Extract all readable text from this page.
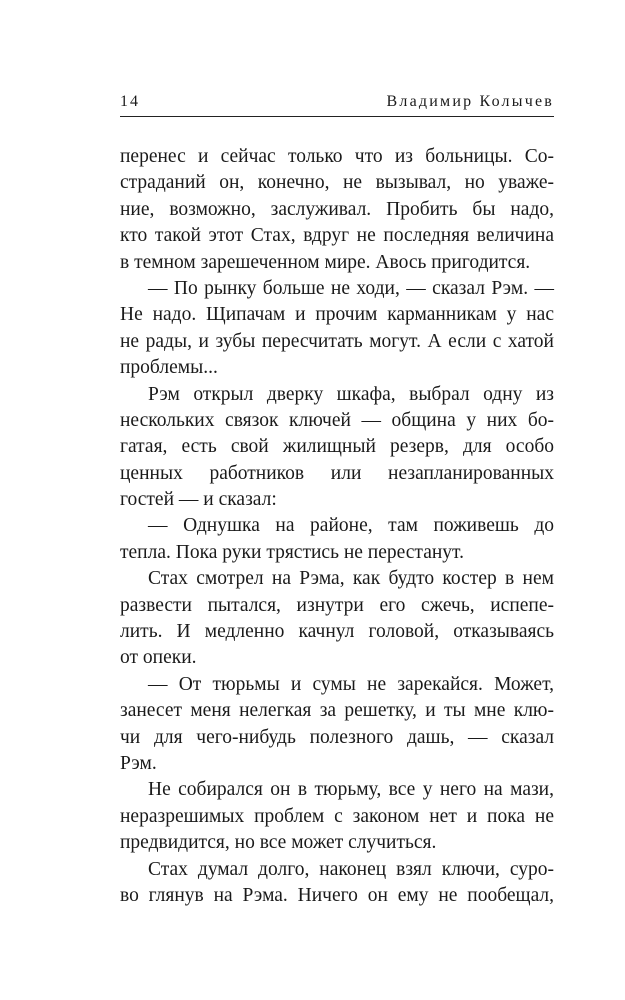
14	Владимир Колычев
перенес и сейчас только что из больницы. Со-
страданий он, конечно, не вызывал, но уваже-
ние, возможно, заслуживал. Пробить бы надо,
кто такой этот Стах, вдруг не последняя величина
в темном зарешеченном мире. Авось пригодится.
— По рынку больше не ходи, — сказал Рэм. —
Не надо. Щипачам и прочим карманникам у нас
не рады, и зубы пересчитать могут. А если с хатой
проблемы...
Рэм открыл дверку шкафа, выбрал одну из
нескольких связок ключей — община у них бо-
гатая, есть свой жилищный резерв, для особо
ценных работников или незапланированных
гостей — и сказал:
— Однушка на районе, там поживешь до
тепла. Пока руки трястись не перестанут.
Стах смотрел на Рэма, как будто костер в нем
развести пытался, изнутри его сжечь, испепе-
лить. И медленно качнул головой, отказываясь
от опеки.
— От тюрьмы и сумы не зарекайся. Может,
занесет меня нелегкая за решетку, и ты мне клю-
чи для чего-нибудь полезного дашь, — сказал
Рэм.
Не собирался он в тюрьму, все у него на мази,
неразрешимых проблем с законом нет и пока не
предвидится, но все может случиться.
Стах думал долго, наконец взял ключи, суро-
во глянув на Рэма. Ничего он ему не пообещал,
